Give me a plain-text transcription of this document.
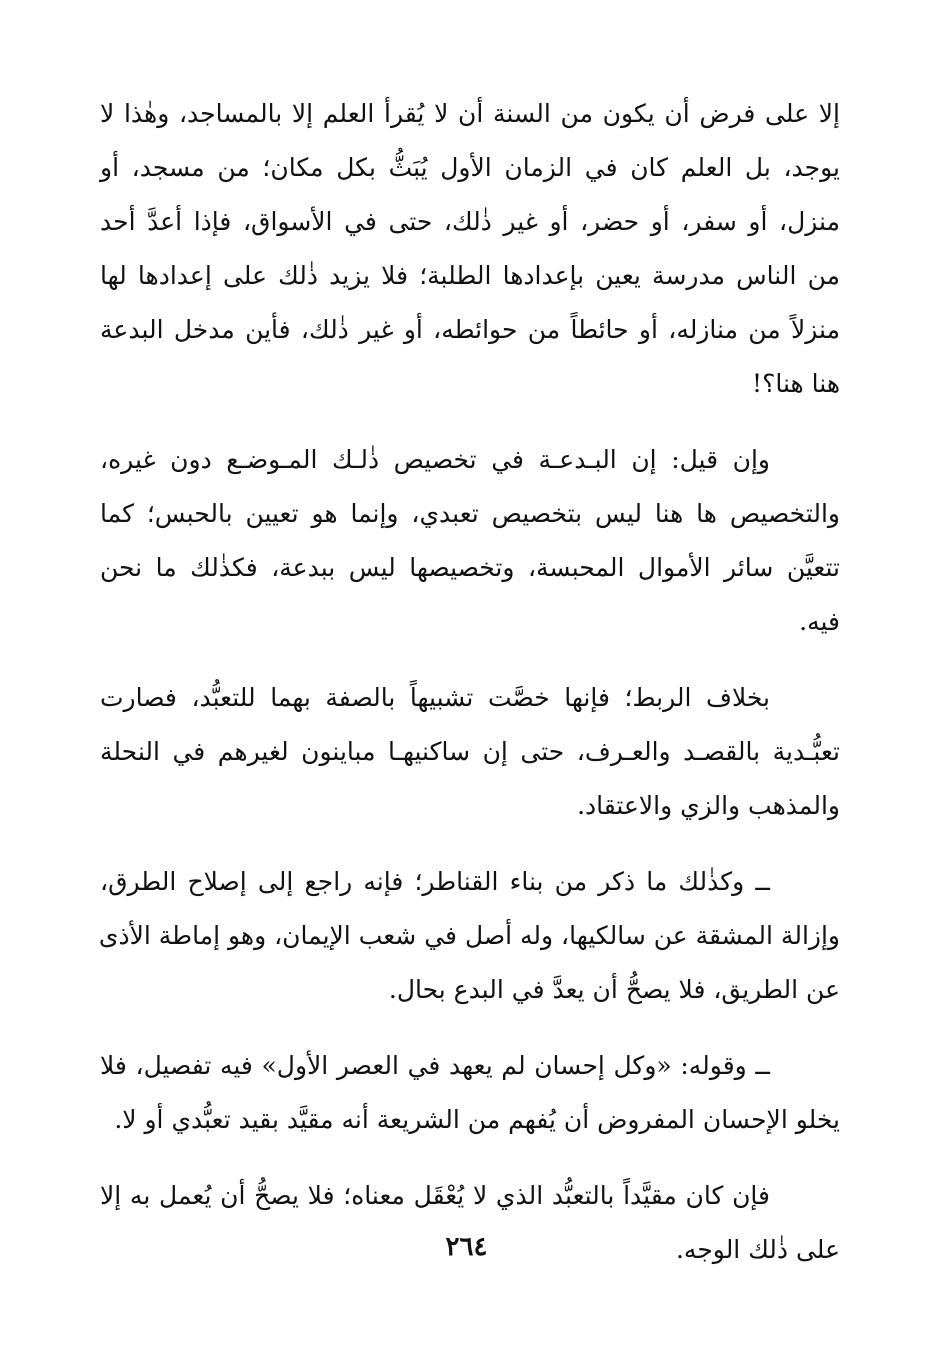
إلا على فرض أن يكون من السنة أن لا يُقرأ العلم إلا بالمساجد، وهٰذا لا
يوجد، بل العلم كان في الزمان الأول يُبَثُّ بكل مكان؛ من مسجد، أو
منزل، أو سفر، أو حضر، أو غير ذٰلك، حتى في الأسواق، فإذا أعدَّ أحد
من الناس مدرسة يعين بإعدادها الطلبة؛ فلا يزيد ذٰلك على إعدادها لها
منزلاً من منازله، أو حائطاً من حوائطه، أو غير ذٰلك، فأين مدخل البدعة
هنا هنا؟!
وإن قيل: إن البـدعـة في تخصيص ذٰلـك المـوضـع دون غيره،
والتخصيص ها هنا ليس بتخصيص تعبدي، وإنما هو تعيين بالحبس؛ كما
تتعيَّن سائر الأموال المحبسة، وتخصيصها ليس ببدعة، فكذٰلك ما نحن
فيه.
بخلاف الربط؛ فإنها خصَّت تشبيهاً بالصفة بهما للتعبُّد، فصارت
تعبُّـدية بالقصـد والعـرف، حتى إن ساكنيهـا مباينون لغيرهم في النحلة
والمذهب والزي والاعتقاد.
ــ وكذٰلك ما ذكر من بناء القناطر؛ فإنه راجع إلى إصلاح الطرق،
وإزالة المشقة عن سالكيها، وله أصل في شعب الإيمان، وهو إماطة الأذى
عن الطريق، فلا يصحُّ أن يعدَّ في البدع بحال.
ــ وقوله: «وكل إحسان لم يعهد في العصر الأول» فيه تفصيل، فلا
يخلو الإحسان المفروض أن يُفهم من الشريعة أنه مقيَّد بقيد تعبُّدي أو لا.
فإن كان مقيَّداً بالتعبُّد الذي لا يُعْقَل معناه؛ فلا يصحُّ أن يُعمل به إلا
على ذٰلك الوجه.
٢٦٤
